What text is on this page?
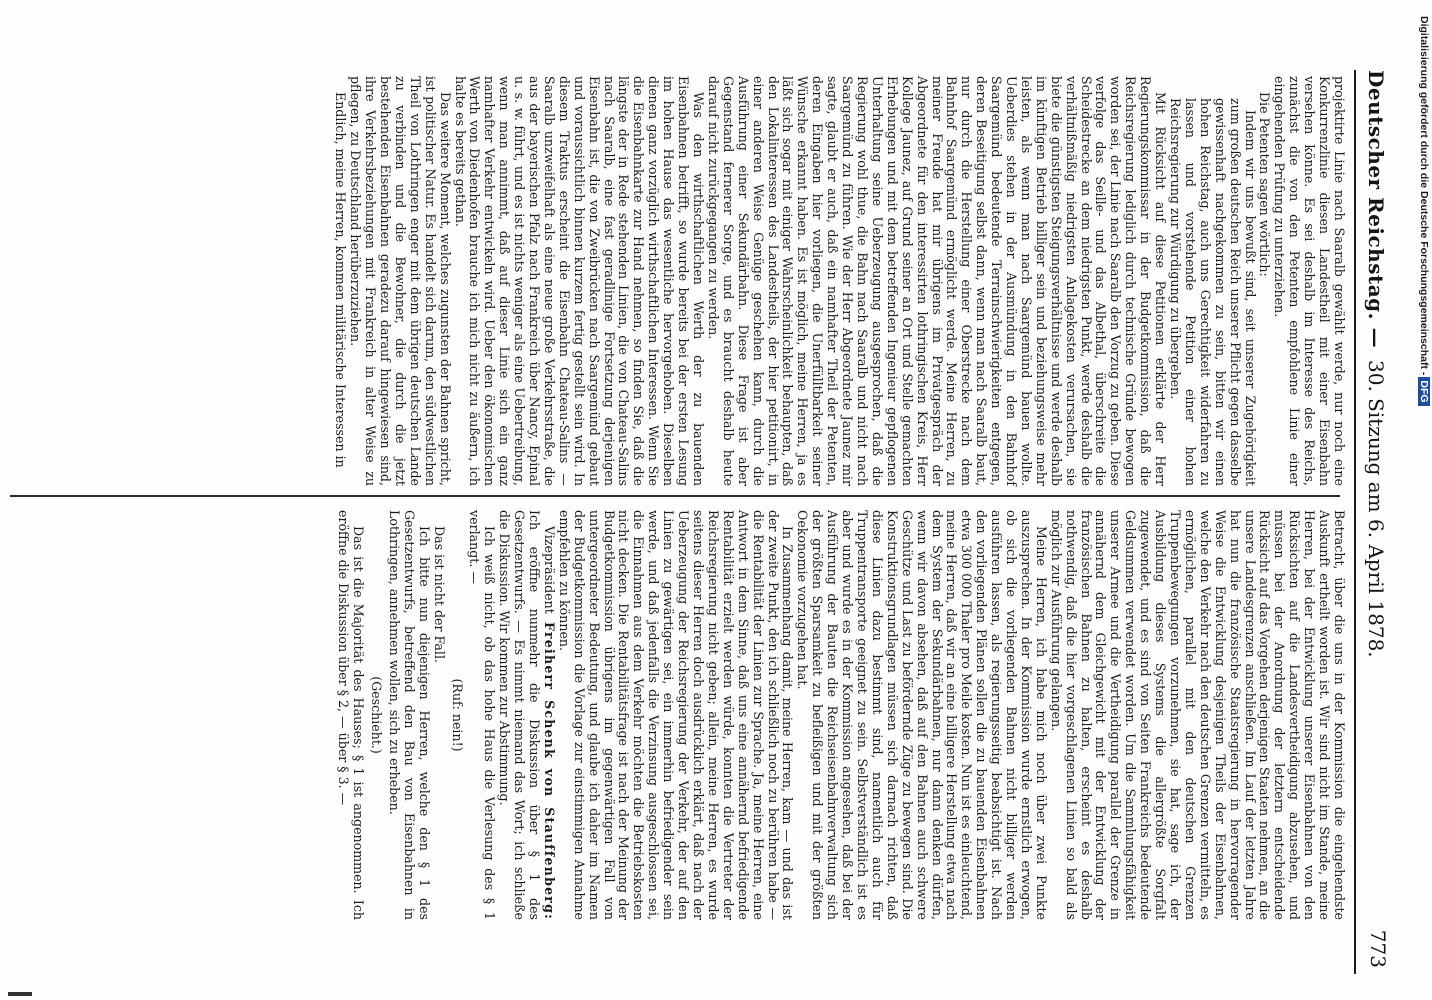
Digitalisierung gefördert durch die Deutsche Forschungsgemeinschaft -DFG
Deutscher Reichstag. —
30. Sitzung am 6. April 1878.
773

projektirte Linie nach Saaralb gewählt werde, nur noch eine Konkurrenzlinie diesen Landestheil mit einer Eisenbahn versehen könne. Es sei deshalb im Interesse des Reichs, zunächst die von den Petenten empfohlene Linie einer eingehenden Prüfung zu unterziehen.

Die Petenten sagen wörtlich:

Indem wir uns bewußt sind, seit unserer Zugehörigkeit zum großen deutschen Reich unserer Pflicht gegen dasselbe gewissenhaft nachgekommen zu sein, bitten wir einen hohen Reichstag, auch uns Gerechtigkeit widerfahren zu lassen und vorstehende Petition einer hohen Reichsregierung zur Würdigung zu übergeben.

Mit Rücksicht auf diese Petitionen erklärte der Herr Regierungskommissar in der Budgetkommission, daß die Reichsregierung lediglich durch technische Gründe bewogen worden sei, der Linie nach Saaralb den Vorzug zu geben. Diese verfolge das Seille- und das Albethal, überschreite die Scheidestrecke an dem niedrigsten Punkt, werde deshalb die verhältnißmäßig niedrigsten Anlagekosten verursachen, sie biete die günstigsten Steigungsverhältnisse und werde deshalb im künftigen Betrieb billiger sein und beziehungsweise mehr leisten, als wenn man nach Saargemünd bauen wollte. Ueberdies stehen in der Ausmündung in den Bahnhof Saargemünd bedeutende Terrainschwierigkeiten entgegen, deren Beseitigung selbst dann, wenn man nach Saaralb baut, nur durch die Herstellung einer Oberstrecke nach dem Bahnhof Saargemünd ermöglicht werde. Meine Herren, zu meiner Freude hat mir übrigens im Privatgespräch der Abgeordnete für den interessirten lothringischen Kreis, Herr Kollege Jaunez, auf Grund seiner an Ort und Stelle gemachten Erhebungen und mit dem betreffenden Ingenieur gepflogenen Unterhaltung seine Ueberzeugung ausgesprochen, daß die Regierung wohl thue, die Bahn nach Saaralb und nicht nach Saargemünd zu führen. Wie der Herr Abgeordnete Jaunez mir sagte, glaubt er auch, daß ein namhafter Theil der Petenten, deren Eingaben hier vorliegen, die Unerfülltbarkeit seiner Wünsche erkannt haben. Es ist möglich, meine Herren, ja es läßt sich sogar mit einiger Wahrscheinlichkeit behaupten, daß den Lokalinteressen des Landestheils, der hier petitionirt, in einer anderen Weise Genüge geschehen kann, durch die Ausführung einer Sekundärbahn. Diese Frage ist aber Gegenstand fernerer Sorge, und es braucht deshalb heute darauf nicht zurückgegangen zu werden.

Was den wirthschaftlichen Werth der zu bauenden Eisenbahnen betrifft, so wurde bereits bei der ersten Lesung im hohen Hause das wesentliche hervorgehoben. Dieselben dienen ganz vorzüglich wirthschaftlichen Interessen. Wenn Sie die Eisenbahnkarte zur Hand nehmen, so finden Sie, daß die längste der in Rede stehenden Linien, die von Chateau-Salins nach Saaralb, eine fast geradlinige Fortsetzung derjenigen Eisenbahn ist, die von Zweibrücken nach Saargemünd gebaut und voraussichtlich binnen kurzem fertig gestellt sein wird. In diesem Traktus erscheint die Eisenbahn Chateau-Salins — Saaralb unzweifelhaft als eine neue große Verkehrsstraße, die aus der bayerischen Pfalz nach Frankreich über Nancy, Epinal u. s. w. führt, und es ist nichts weniger als eine Uebertreibung, wenn man annimmt, daß auf dieser Linie sich ein ganz namhafter Verkehr entwickeln wird. Ueber den ökonomischen Werth von Diedenhofen brauche ich mich nicht zu äußern, ich halte es bereits gethan.

Das weitere Moment, welches zugunsten der Bahnen spricht, ist politischer Natur. Es handelt sich darum, den südwestlichen Theil von Lothringen enger mit dem übrigen deutschen Lande zu verbinden und die Bewohner, die durch die jetzt bestehenden Eisenbahnen geradezu darauf hingewiesen sind, ihre Verkehrsbeziehungen mit Frankreich in alter Weise zu pflegen, zu Deutschland herüberzuziehen.

Endlich, meine Herren, kommen militärische Interessen in

Betracht, über die uns in der Kommission die eingehendste Auskunft ertheilt worden ist. Wir sind nicht im Stande, meine Herren, bei der Entwicklung unserer Eisenbahnen von den Rücksichten auf die Landesvertheidigung abzusehen, und müssen bei der Anordnung der letztern entscheidende Rücksicht auf das Vorgehen derjenigen Staaten nehmen, an die unsere Landesgrenzen anschließen. Im Lauf der letzten Jahre hat nun die französische Staatsregierung in hervorragender Weise die Entwicklung desjenigen Theils der Eisenbahnen, welche den Verkehr nach den deutschen Grenzen vermitteln, es ermöglichen, parallel mit den deutschen Grenzen Truppenbewegungen vorzunehmen, sie hat, sage ich, der Ausbildung dieses Systems die allergrößte Sorgfalt zugewendet, und es sind von Seiten Frankreichs bedeutende Geldsummen verwendet worden. Um die Sammlungsfähigkeit unserer Armee und die Vertheidigung parallel der Grenze in annähernd dem Gleichgewicht mit der Entwicklung der französischen Bahnen zu halten, erscheint es deshalb nothwendig, daß die hier vorgeschlagenen Linien so bald als möglich zur Ausführung gelangen.

Meine Herren, ich habe mich noch über zwei Punkte auszusprechen. In der Kommission wurde ernstlich erwogen, ob sich die vorliegenden Bahnen nicht billiger werden ausführen lassen, als regierungsseitig beabsichtigt ist. Nach den vorliegenden Plänen sollen die zu bauenden Eisenbahnen etwa 300 000 Thaler pro Meile kosten. Nun ist es einleuchtend, meine Herren, daß wir an eine billigere Herstellung etwa nach dem System der Sekundärbahnen, nur dann denken dürfen, wenn wir davon absehen, daß auf den Bahnen auch schwere Geschütze und Last zu befördernde Züge zu bewegen sind. Die Konstruktionsgrundlagen müssen sich darnach richten, daß diese Linien dazu bestimmt sind, namentlich auch für Truppentransporte geeignet zu sein. Selbstverständlich ist es aber und wurde es in der Kommission angesehen, daß bei der Ausführung der Bauten die Reichseisenbahnverwaltung sich der größten Sparsamkeit zu befleißigen und mit der größten Oekonomie vorzugehen hat.

In Zusammenhang damit, meine Herren, kam — und das ist der zweite Punkt, den ich schließlich noch zu berühren habe — die Rentabilität der Linien zur Sprache. Ja, meine Herren, eine Antwort in dem Sinne, daß uns eine annähernd befriedigende Rentabilität erzielt werden würde, konnten die Vertreter der Reichsregierung nicht geben; allein, meine Herren, es wurde seitens dieser Herren doch ausdrücklich erklärt, daß nach der Ueberzeugung der Reichsregierung der Verkehr, der auf den Linien zu gewärtigen sei, ein immerhin befriedigender sein werde, und daß jedenfalls die Verzinsung ausgeschlossen sei, die Einnahmen aus dem Verkehr möchten die Betriebskosten nicht decken. Die Rentabilitätsfrage ist nach der Meinung der Budgetkommission übrigens im gegenwärtigen Fall von untergeordneter Bedeutung, und glaube ich daher im Namen der Budgetkommission die Vorlage zur einstimmigen Annahme empfehlen zu können.

Vizepräsident Freiherr Schenk von Stauffenberg: Ich eröffne nunmehr die Diskussion über § 1 des Gesetzentwurfs. — Es nimmt niemand das Wort; ich schließe die Diskussion. Wir kommen zur Abstimmung.

Ich weiß nicht, ob das hohe Haus die Verlesung des § 1 verlangt. —

(Ruf: nein!)

Das ist nicht der Fall.

Ich bitte nun diejenigen Herren, welche den § 1 des Gesetzentwurfs, betreffend den Bau von Eisenbahnen in Lothringen, annehmen wollen, sich zu erheben.

(Geschieht.)

Das ist die Majorität des Hauses; § 1 ist angenommen. Ich eröffne die Diskussion über § 2, — über § 3. —
